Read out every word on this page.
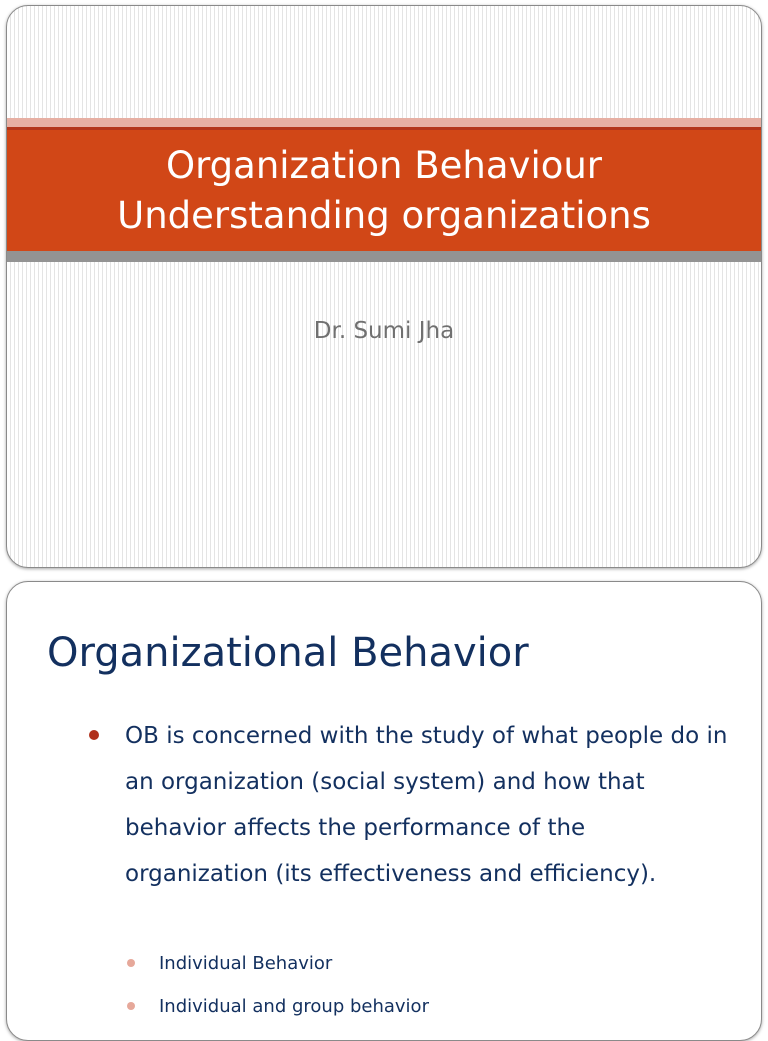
Organization Behaviour
Understanding organizations
Dr. Sumi Jha
Organizational Behavior
OB is concerned with the study of what people do in an organization (social system) and how that behavior affects the performance of the organization (its effectiveness and efficiency).
Individual Behavior
Individual and group behavior
